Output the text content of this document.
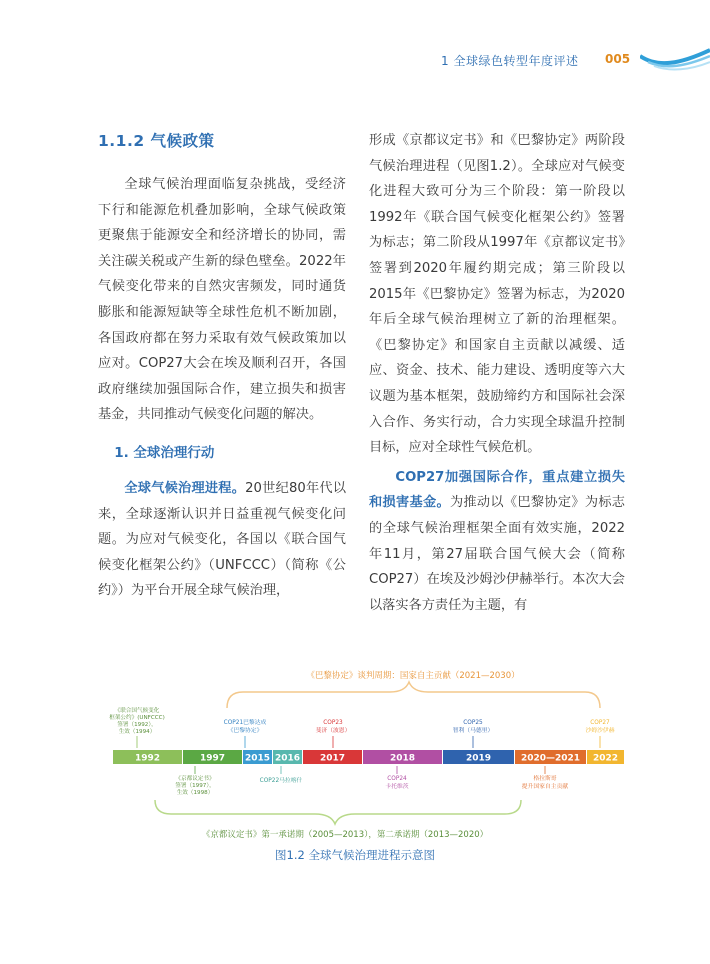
1 全球绿色转型年度评述 005

1.1.2 气候政策

全球气候治理面临复杂挑战，受经济下行和能源危机叠加影响，全球气候政策更聚焦于能源安全和经济增长的协同，需关注碳关税或产生新的绿色壁垒。2022年气候变化带来的自然灾害频发，同时通货膨胀和能源短缺等全球性危机不断加剧，各国政府都在努力采取有效气候政策加以应对。COP27大会在埃及顺利召开，各国政府继续加强国际合作，建立损失和损害基金，共同推动气候变化问题的解决。

1. 全球治理行动

全球气候治理进程。20世纪80年代以来，全球逐渐认识并日益重视气候变化问题。为应对气候变化，各国以《联合国气候变化框架公约》（UNFCCC）（简称《公约》）为平台开展全球气候治理，

形成《京都议定书》和《巴黎协定》两阶段气候治理进程（见图1.2）。全球应对气候变化进程大致可分为三个阶段：第一阶段以1992年《联合国气候变化框架公约》签署为标志；第二阶段从1997年《京都议定书》签署到2020年履约期完成；第三阶段以2015年《巴黎协定》签署为标志，为2020年后全球气候治理树立了新的治理框架。《巴黎协定》和国家自主贡献以减缓、适应、资金、技术、能力建设、透明度等六大议题为基本框架，鼓励缔约方和国际社会深入合作、务实行动，合力实现全球温升控制目标，应对全球性气候危机。

COP27加强国际合作，重点建立损失和损害基金。为推动以《巴黎协定》为标志的全球气候治理框架全面有效实施，2022年11月，第27届联合国气候大会（简称COP27）在埃及沙姆沙伊赫举行。本次大会以落实各方责任为主题，有

《巴黎协定》谈判周期：国家自主贡献（2021—2030）
1992	1997 2015 2016 2017	2018	2019	2020—2021 2022
《京都议定书》第一承诺期（2005—2013），第二承诺期（2013—2020）
《联合国气候变化
框架公约》(UNFCCC)
签署（1992），
生效（1994）
COP21巴黎达成
《巴黎协定》
COP23
斐济（波恩）
COP25
智利（马德里）
COP27
沙姆沙伊赫
《京都议定书》
签署（1997），
生效（1998）
COP22马拉喀什	COP24
卡托维茨
格拉斯哥
提升国家自主贡献
图1.2 全球气候治理进程示意图
